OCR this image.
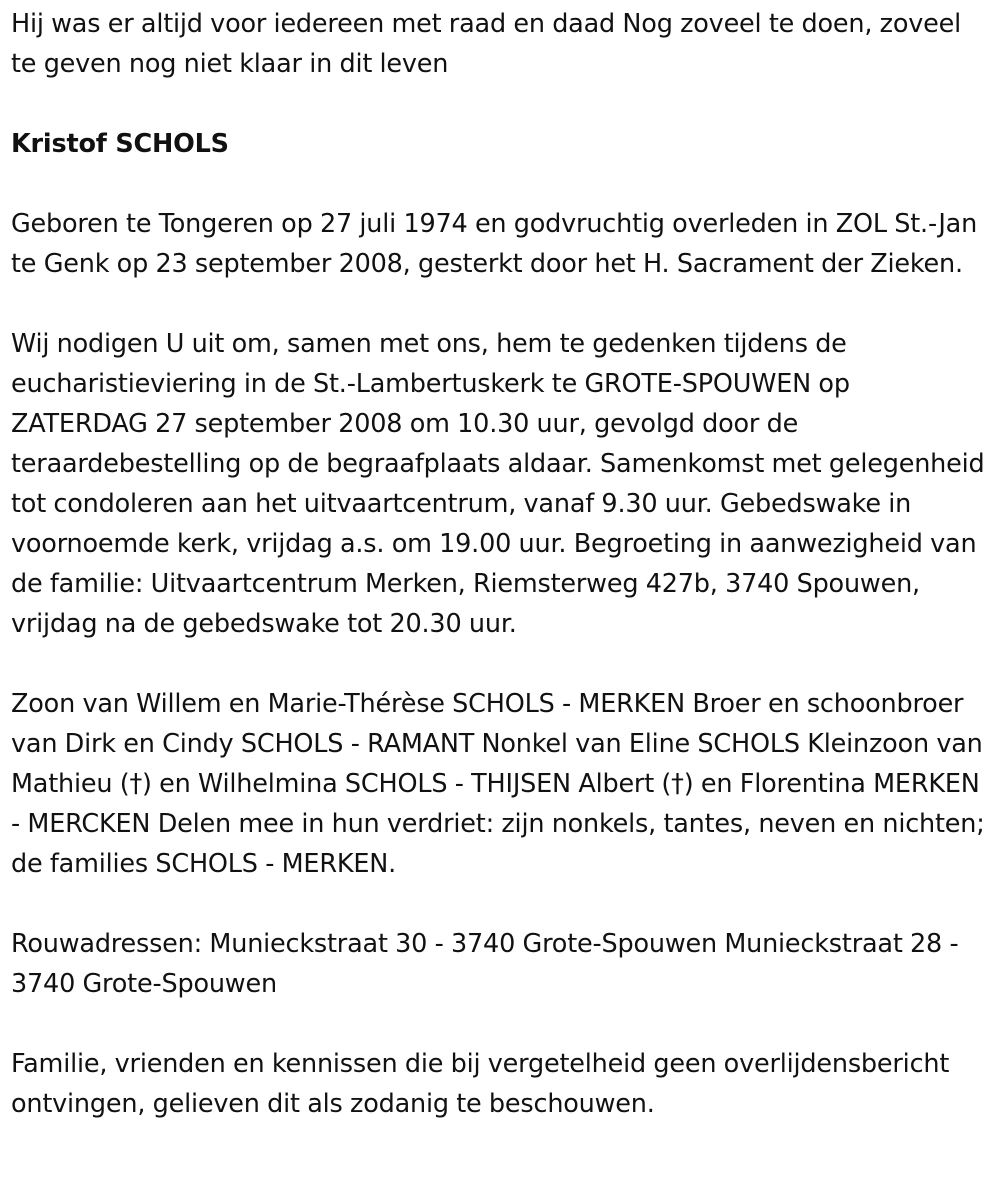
Hij was er altijd voor iedereen met raad en daad Nog zoveel te doen, zoveel te geven nog niet klaar in dit leven

Kristof SCHOLS

Geboren te Tongeren op 27 juli 1974 en godvruchtig overleden in ZOL St.-Jan te Genk op 23 september 2008, gesterkt door het H. Sacrament der Zieken.

Wij nodigen U uit om, samen met ons, hem te gedenken tijdens de eucharistieviering in de St.-Lambertuskerk te GROTE-SPOUWEN op ZATERDAG 27 september 2008 om 10.30 uur, gevolgd door de teraardebestelling op de begraafplaats aldaar. Samenkomst met gelegenheid tot condoleren aan het uitvaartcentrum, vanaf 9.30 uur. Gebedswake in voornoemde kerk, vrijdag a.s. om 19.00 uur. Begroeting in aanwezigheid van de familie: Uitvaartcentrum Merken, Riemsterweg 427b, 3740 Spouwen, vrijdag na de gebedswake tot 20.30 uur.

Zoon van Willem en Marie-Thérèse SCHOLS - MERKEN Broer en schoonbroer van Dirk en Cindy SCHOLS - RAMANT Nonkel van Eline SCHOLS Kleinzoon van Mathieu (†) en Wilhelmina SCHOLS - THIJSEN Albert (†) en Florentina MERKEN - MERCKEN Delen mee in hun verdriet: zijn nonkels, tantes, neven en nichten; de families SCHOLS - MERKEN.

Rouwadressen: Munieckstraat 30 - 3740 Grote-Spouwen Munieckstraat 28 - 3740 Grote-Spouwen

Familie, vrienden en kennissen die bij vergetelheid geen overlijdensbericht ontvingen, gelieven dit als zodanig te beschouwen.
